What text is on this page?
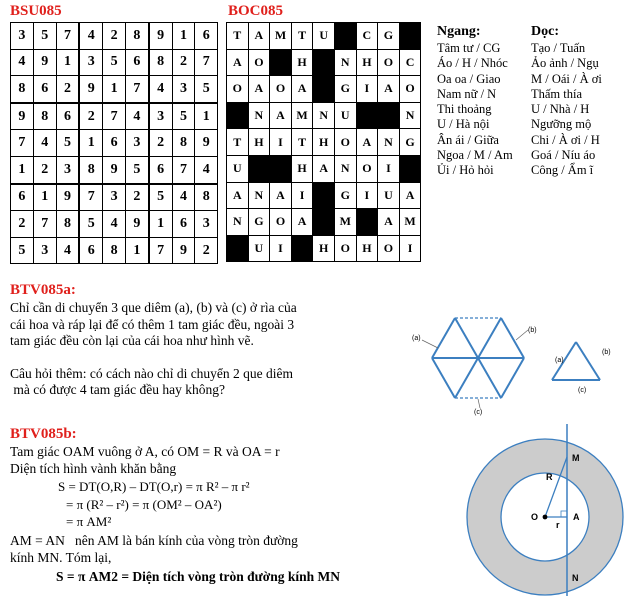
BSU085
3	5	7	4	2	8	9	1	6
4	9	1	3	5	6	8	2	7
8	6	2	9	1	7	4	3	5
9	8	6	2	7	4	3	5	1
7	4	5	1	6	3	2	8	9
1	2	3	8	9	5	6	7	4
6	1	9	7	3	2	5	4	8
2	7	8	5	4	9	1	6	3
5	3	4	6	8	1	7	9	2
BOC085
T	A	M	T	U		C	G	
A	O		H		N	H	O	C
O	A	O	A		G	I	A	O
	N	A	M	N	U			N
T	H	I	T	H	O	A	N	G
U			H	A	N	O	I	
A	N	A	I		G	I	U	A
N	G	O	A		M		A	M
	U	I		H	O	H	O	I
Ngang:	Dọc:
Tâm tư / CG
Áo / H / Nhóc
Oa oa / Giao
Nam nữ / N
Thi thoảng
U / Hà nội
Ân ái / Giữa
Ngoa / M / Am
Ủi / Hỏ hỏi
Tạo / Tuấn
Ảo ảnh / Ngụ
M / Oái / À ơi
Thấm thía
U / Nhà / H
Ngưỡng mộ
Chi / À ơi / H
Goá / Níu áo
Công / Ẩm ĩ
BTV085a:
Chỉ cần di chuyển 3 que diêm (a), (b) và (c) ở rìa của
cái hoa và ráp lại để có thêm 1 tam giác đều, ngoài 3
tam giác đều còn lại của cái hoa như hình vẽ.
Câu hỏi thêm: có cách nào chỉ di chuyển 2 que diêm
mà có được 4 tam giác đều hay không?
(a)
(b)
(c)
(a)
(b)
(c)
BTV085b:
Tam giác OAM vuông ở A, có OM = R và OA = r
Diện tích hình vành khăn bằng
S = DT(O,R) – DT(O,r) = π R² – π r²
= π (R² – r²) = π (OM² – OA²)
= π AM²
AM = AN   nên AM là bán kính của vòng tròn đường
kính MN. Tóm lại,
S = π AM2 = Diện tích vòng tròn đường kính MN
M
N
O	A
R
r
